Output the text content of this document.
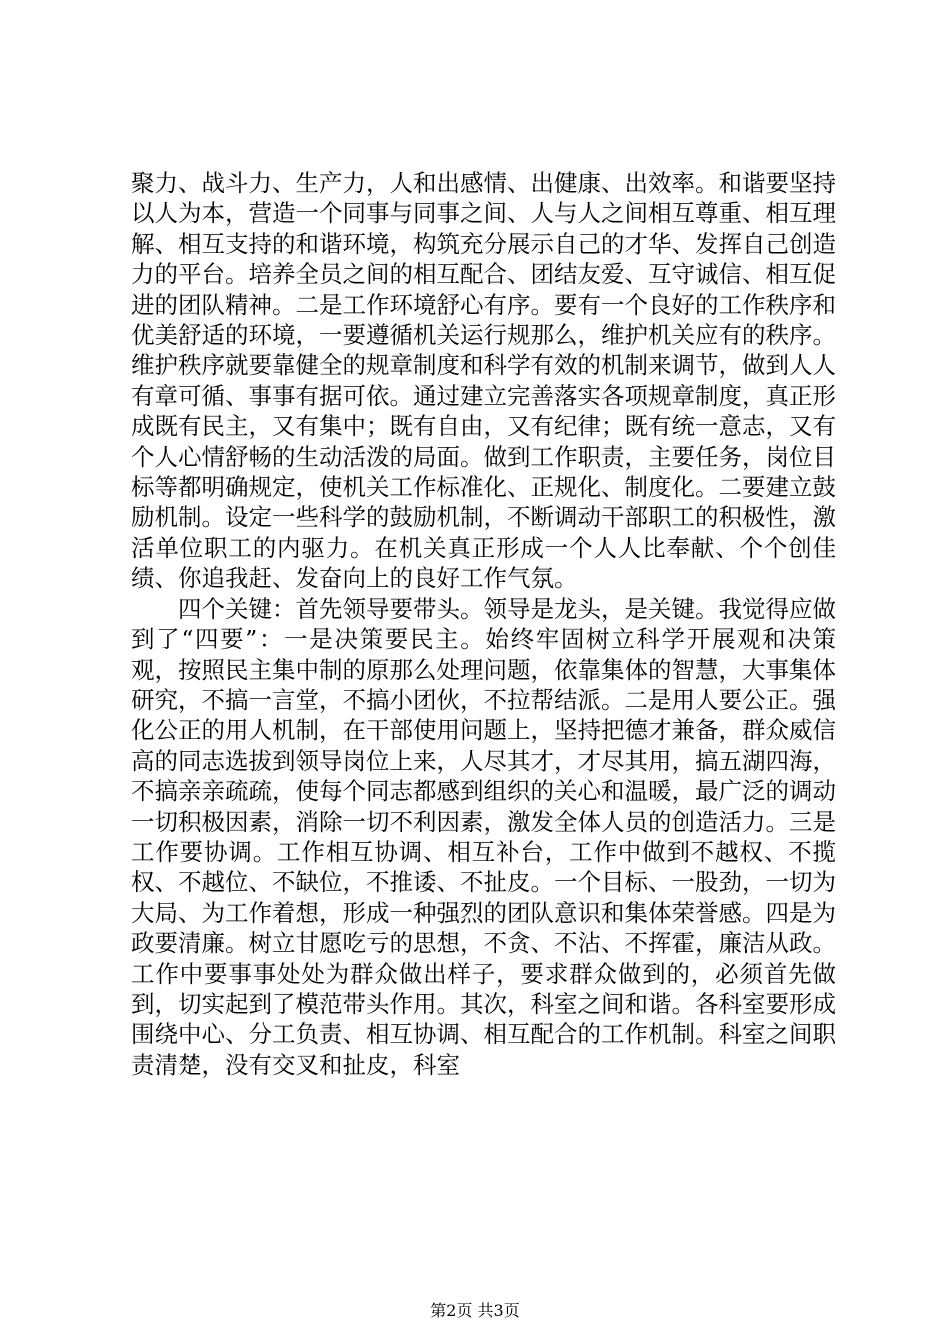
聚力、战斗力、生产力，人和出感情、出健康、出效率。和谐要坚持以人为本，营造一个同事与同事之间、人与人之间相互尊重、相互理解、相互支持的和谐环境，构筑充分展示自己的才华、发挥自己创造力的平台。培养全员之间的相互配合、团结友爱、互守诚信、相互促进的团队精神。二是工作环境舒心有序。要有一个良好的工作秩序和优美舒适的环境，一要遵循机关运行规那么，维护机关应有的秩序。维护秩序就要靠健全的规章制度和科学有效的机制来调节，做到人人有章可循、事事有据可依。通过建立完善落实各项规章制度，真正形成既有民主，又有集中；既有自由，又有纪律；既有统一意志，又有个人心情舒畅的生动活泼的局面。做到工作职责，主要任务，岗位目标等都明确规定，使机关工作标准化、正规化、制度化。二要建立鼓励机制。设定一些科学的鼓励机制，不断调动干部职工的积极性，激活单位职工的内驱力。在机关真正形成一个人人比奉献、个个创佳绩、你追我赶、发奋向上的良好工作气氛。

四个关键：首先领导要带头。领导是龙头，是关键。我觉得应做到了“四要”：一是决策要民主。始终牢固树立科学开展观和决策观，按照民主集中制的原那么处理问题，依靠集体的智慧，大事集体研究，不搞一言堂，不搞小团伙，不拉帮结派。二是用人要公正。强化公正的用人机制，在干部使用问题上，坚持把德才兼备，群众威信高的同志选拔到领导岗位上来，人尽其才，才尽其用，搞五湖四海，不搞亲亲疏疏，使每个同志都感到组织的关心和温暖，最广泛的调动一切积极因素，消除一切不利因素，激发全体人员的创造活力。三是工作要协调。工作相互协调、相互补台，工作中做到不越权、不揽权、不越位、不缺位，不推诿、不扯皮。一个目标、一股劲，一切为大局、为工作着想，形成一种强烈的团队意识和集体荣誉感。四是为政要清廉。树立甘愿吃亏的思想，不贪、不沾、不挥霍，廉洁从政。工作中要事事处处为群众做出样子，要求群众做到的，必须首先做到，切实起到了模范带头作用。其次，科室之间和谐。各科室要形成围绕中心、分工负责、相互协调、相互配合的工作机制。科室之间职责清楚，没有交叉和扯皮，科室

第2页 共3页
